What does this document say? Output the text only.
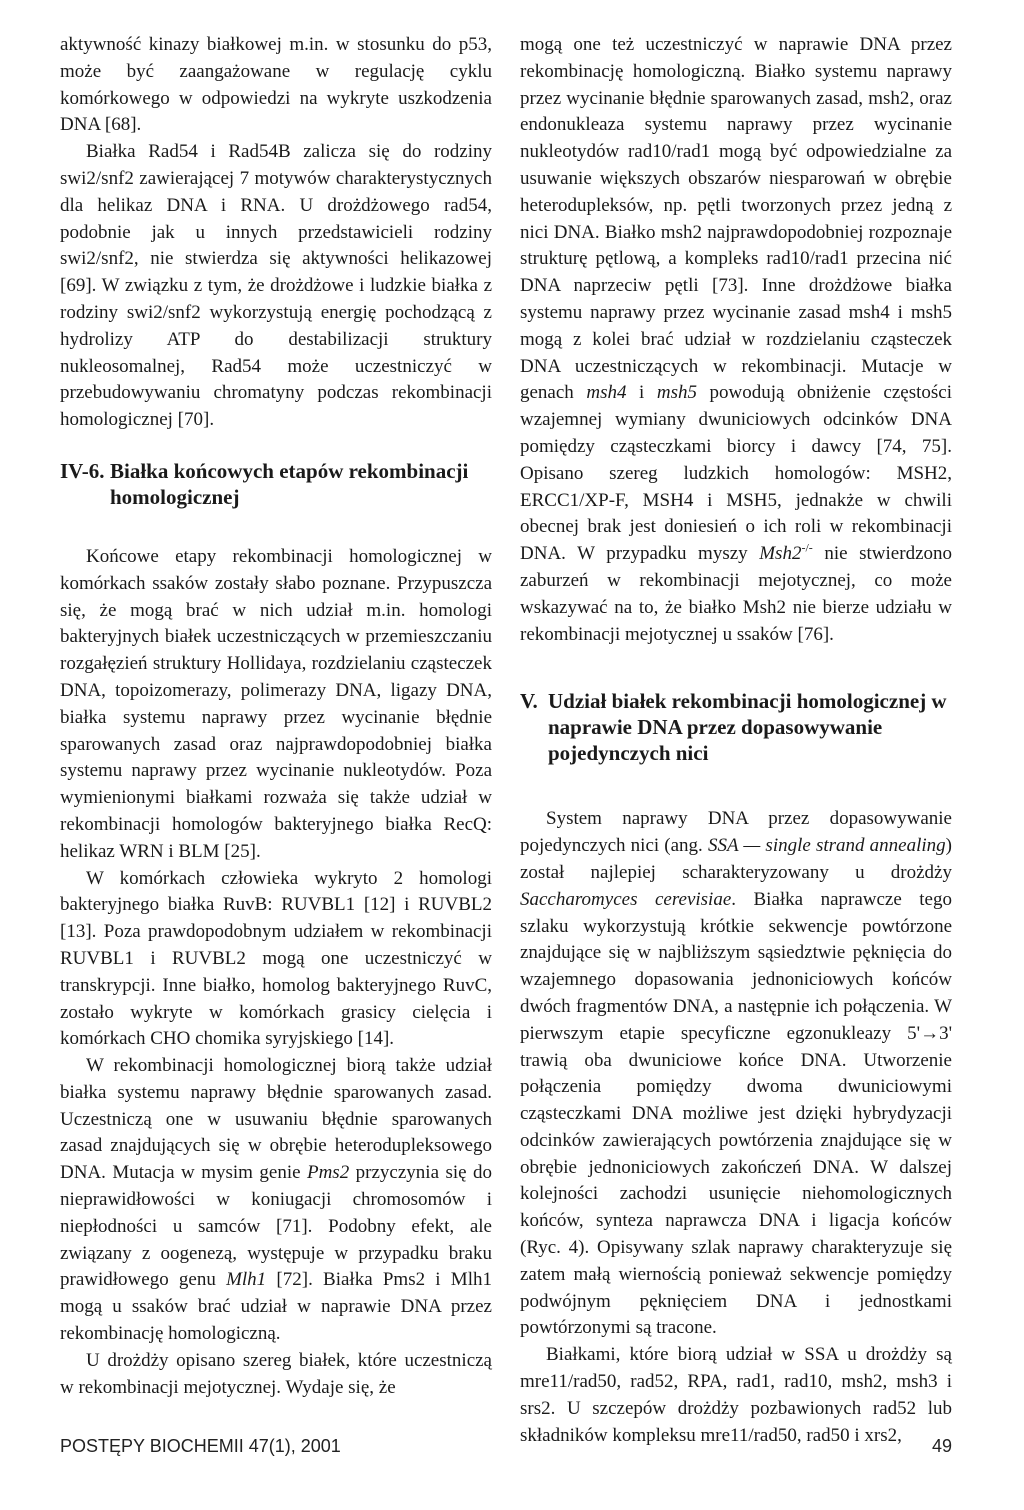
aktywność kinazy białkowej m.in. w stosunku do p53, może być zaangażowane w regulację cyklu komórkowego w odpowiedzi na wykryte uszkodzenia DNA [68].

Białka Rad54 i Rad54B zalicza się do rodziny swi2/snf2 zawierającej 7 motywów charakterystycznych dla helikaz DNA i RNA. U drożdżowego rad54, podobnie jak u innych przedstawicieli rodziny swi2/snf2, nie stwierdza się aktywności helikazowej [69]. W związku z tym, że drożdżowe i ludzkie białka z rodziny swi2/snf2 wykorzystują energię pochodzącą z hydrolizy ATP do destabilizacji struktury nukleosomalnej, Rad54 może uczestniczyć w przebudowywaniu chromatyny podczas rekombinacji homologicznej [70].

IV-6. Białka końcowych etapów rekombinacji homologicznej

Końcowe etapy rekombinacji homologicznej w komórkach ssaków zostały słabo poznane. Przypuszcza się, że mogą brać w nich udział m.in. homologi bakteryjnych białek uczestniczących w przemieszczaniu rozgałęzień struktury Hollidaya, rozdzielaniu cząsteczek DNA, topoizomerazy, polimerazy DNA, ligazy DNA, białka systemu naprawy przez wycinanie błędnie sparowanych zasad oraz najprawdopodobniej białka systemu naprawy przez wycinanie nukleotydów. Poza wymienionymi białkami rozważa się także udział w rekombinacji homologów bakteryjnego białka RecQ: helikaz WRN i BLM [25].

W komórkach człowieka wykryto 2 homologi bakteryjnego białka RuvB: RUVBL1 [12] i RUVBL2 [13]. Poza prawdopodobnym udziałem w rekombinacji RUVBL1 i RUVBL2 mogą one uczestniczyć w transkrypcji. Inne białko, homolog bakteryjnego RuvC, zostało wykryte w komórkach grasicy cielęcia i komórkach CHO chomika syryjskiego [14].

W rekombinacji homologicznej biorą także udział białka systemu naprawy błędnie sparowanych zasad. Uczestniczą one w usuwaniu błędnie sparowanych zasad znajdujących się w obrębie heterodupleksowego DNA. Mutacja w mysim genie Pms2 przyczynia się do nieprawidłowości w koniugacji chromosomów i niepłodności u samców [71]. Podobny efekt, ale związany z oogenezą, występuje w przypadku braku prawidłowego genu Mlh1 [72]. Białka Pms2 i Mlh1 mogą u ssaków brać udział w naprawie DNA przez rekombinację homologiczną.

U drożdży opisano szereg białek, które uczestniczą w rekombinacji mejotycznej. Wydaje się, że

mogą one też uczestniczyć w naprawie DNA przez rekombinację homologiczną. Białko systemu naprawy przez wycinanie błędnie sparowanych zasad, msh2, oraz endonukleaza systemu naprawy przez wycinanie nukleotydów rad10/rad1 mogą być odpowiedzialne za usuwanie większych obszarów niesparowań w obrębie heterodupleksów, np. pętli tworzonych przez jedną z nici DNA. Białko msh2 najprawdopodobniej rozpoznaje strukturę pętlową, a kompleks rad10/rad1 przecina nić DNA naprzeciw pętli [73]. Inne drożdżowe białka systemu naprawy przez wycinanie zasad msh4 i msh5 mogą z kolei brać udział w rozdzielaniu cząsteczek DNA uczestniczących w rekombinacji. Mutacje w genach msh4 i msh5 powodują obniżenie częstości wzajemnej wymiany dwuniciowych odcinków DNA pomiędzy cząsteczkami biorcy i dawcy [74, 75]. Opisano szereg ludzkich homologów: MSH2, ERCC1/XP-F, MSH4 i MSH5, jednakże w chwili obecnej brak jest doniesień o ich roli w rekombinacji DNA. W przypadku myszy Msh2-/- nie stwierdzono zaburzeń w rekombinacji mejotycznej, co może wskazywać na to, że białko Msh2 nie bierze udziału w rekombinacji mejotycznej u ssaków [76].

V. Udział białek rekombinacji homologicznej w naprawie DNA przez dopasowywanie pojedynczych nici

System naprawy DNA przez dopasowywanie pojedynczych nici (ang. SSA — single strand annealing) został najlepiej scharakteryzowany u drożdży Saccharomyces cerevisiae. Białka naprawcze tego szlaku wykorzystują krótkie sekwencje powtórzone znajdujące się w najbliższym sąsiedztwie pęknięcia do wzajemnego dopasowania jednoniciowych końców dwóch fragmentów DNA, a następnie ich połączenia. W pierwszym etapie specyficzne egzonukleazy 5'→3' trawią oba dwuniciowe końce DNA. Utworzenie połączenia pomiędzy dwoma dwuniciowymi cząsteczkami DNA możliwe jest dzięki hybrydyzacji odcinków zawierających powtórzenia znajdujące się w obrębie jednoniciowych zakończeń DNA. W dalszej kolejności zachodzi usunięcie niehomologicznych końców, synteza naprawcza DNA i ligacja końców (Ryc. 4). Opisywany szlak naprawy charakteryzuje się zatem małą wiernością ponieważ sekwencje pomiędzy podwójnym pęknięciem DNA i jednostkami powtórzonymi są tracone.

Białkami, które biorą udział w SSA u drożdży są mre11/rad50, rad52, RPA, rad1, rad10, msh2, msh3 i srs2. U szczepów drożdży pozbawionych rad52 lub składników kompleksu mre11/rad50, rad50 i xrs2,

POSTĘPY BIOCHEMII 47(1), 2001	49
